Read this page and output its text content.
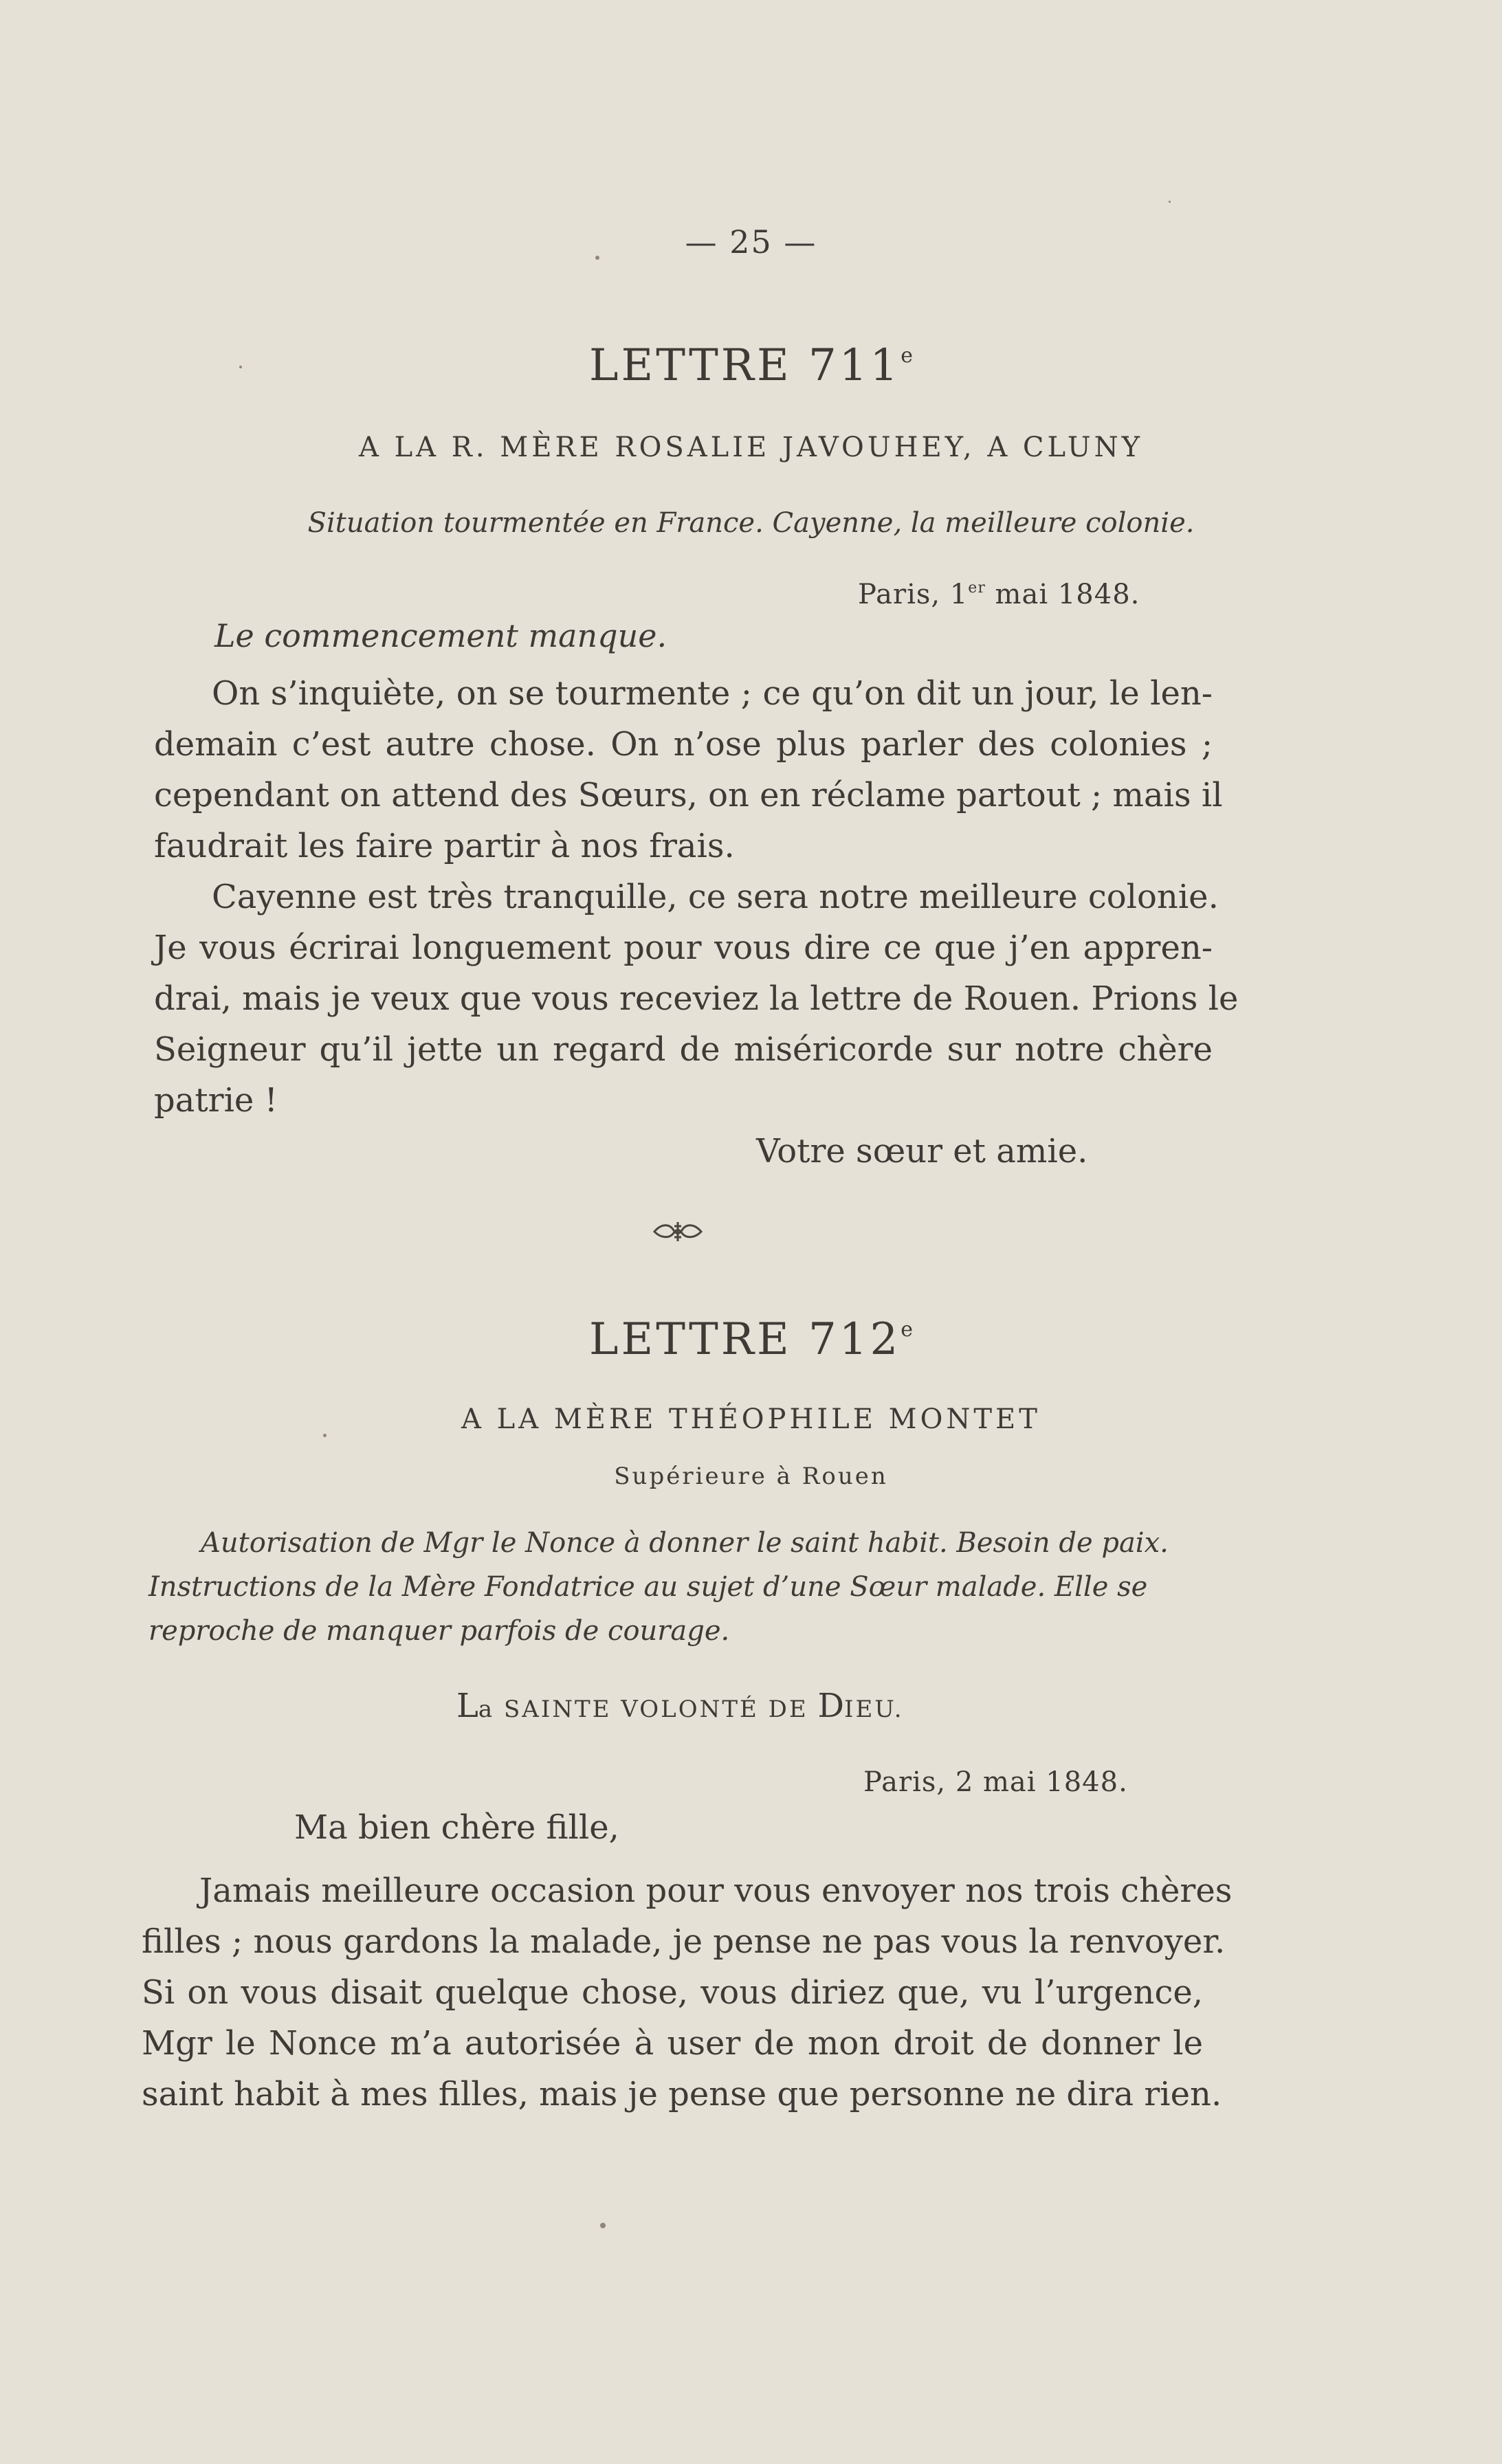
— 25 —
LETTRE 711e
A LA R. MÈRE ROSALIE JAVOUHEY, A CLUNY
Situation tourmentée en France. Cayenne, la meilleure colonie.
Paris, 1er mai 1848.
Le commencement manque.
On s’inquiète, on se tourmente ; ce qu’on dit un jour, le len-
demain c’est autre chose. On n’ose plus parler des colonies ;
cependant on attend des Sœurs, on en réclame partout ; mais il
faudrait les faire partir à nos frais.
Cayenne est très tranquille, ce sera notre meilleure colonie.
Je vous écrirai longuement pour vous dire ce que j’en appren-
drai, mais je veux que vous receviez la lettre de Rouen. Prions le
Seigneur qu’il jette un regard de miséricorde sur notre chère
patrie !
Votre sœur et amie.
LETTRE 712e
A LA MÈRE THÉOPHILE MONTET
Supérieure à Rouen
Autorisation de Mgr le Nonce à donner le saint habit. Besoin de paix.
Instructions de la Mère Fondatrice au sujet d’une Sœur malade. Elle se
reproche de manquer parfois de courage.
La SAINTE VOLONTÉ DE DIEU.
Paris, 2 mai 1848.
Ma bien chère fille,
Jamais meilleure occasion pour vous envoyer nos trois chères
filles ; nous gardons la malade, je pense ne pas vous la renvoyer.
Si on vous disait quelque chose, vous diriez que, vu l’urgence,
Mgr le Nonce m’a autorisée à user de mon droit de donner le
saint habit à mes filles, mais je pense que personne ne dira rien.
